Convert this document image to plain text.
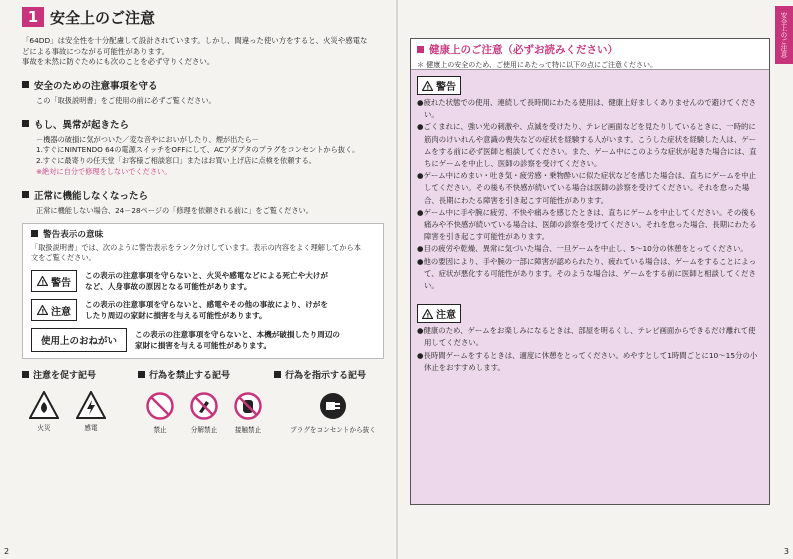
1 安全上のご注意

「64DD」は安全性を十分配慮して設計されています。しかし、間違った使い方をすると、火災や感電な

どによる事故につながる可能性があります。

事故を未然に防ぐためにも次のことを必ず守りください。

安全のための注意事項を守る

この「取扱説明書」をご使用の前に必ずご覧ください。

もし、異常が起きたら

－機器の破損に気がついた／変な音やにおいがしたり、煙が出たら－

1.すぐにNINTENDO 64の電源スイッチをOFFにして、ACアダプタのプラグをコンセントから抜く。

2.すぐに最寄りの任天堂「お客様ご相談窓口」またはお買い上げ店に点検を依頼する。

※絶対に自分で修理をしないでください。

正常に機能しなくなったら

正常に機能しない場合、24－28ページの「修理を依頼される前に」をご覧ください。

警告表示の意味
「取扱説明書」では、次のように警告表示をランク分けしています。表示の内容をよく理解してから本
文をご覧ください。
! 警告
この表示の注意事項を守らないと、火災や感電などによる死亡や大けが
など、人身事故の原因となる可能性があります。
! 注意
この表示の注意事項を守らないと、感電やその他の事故により、けがを
したり周辺の家財に損害を与える可能性があります。
使用上のおねがい
この表示の注意事項を守らないと、本機が破損したり周辺の
家財に損害を与える可能性があります。
注意を促す記号	行為を禁止する記号	行為を指示する記号
火災	感電	禁止	分解禁止	接触禁止	プラグをコンセントから抜く
2
安全上のご注意
健康上のご注意（必ずお読みください）
＊ 健康上の安全のため、ご使用にあたって特に以下の点にご注意ください。
! 警告

●疲れた状態での使用、連続して長時間にわたる使用は、健康上好ましくありませんので避けてください。

●ごくまれに、強い光の刺激や、点滅を受けたり、テレビ画面などを見たりしているときに、一時的に筋肉のけいれんや意識の喪失などの症状を経験する人がいます。こうした症状を経験した人は、ゲームをする前に必ず医師と相談してください。また、ゲーム中にこのような症状が起きた場合には、直ちにゲームを中止し、医師の診察を受けてください。

●ゲーム中にめまい・吐き気・疲労感・乗物酔いに似た症状などを感じた場合は、直ちにゲームを中止してください。その後も不快感が続いている場合は医師の診察を受けてください。それを怠った場合、長期にわたる障害を引き起こす可能性があります。

●ゲーム中に手や腕に疲労、不快や痛みを感じたときは、直ちにゲームを中止してください。その後も痛みや不快感が続いている場合は、医師の診察を受けてください。それを怠った場合、長期にわたる障害を引き起こす可能性があります。

●目の疲労や乾燥、異常に気づいた場合、一旦ゲームを中止し、5～10分の休憩をとってください。

●他の要因により、手や腕の一部に障害が認められたり、疲れている場合は、ゲームをすることによって、症状が悪化する可能性があります。そのような場合は、ゲームをする前に医師と相談してください。

! 注意

●健康のため、ゲームをお楽しみになるときは、部屋を明るくし、テレビ画面からできるだけ離れて使用してください。

●長時間ゲームをするときは、適度に休憩をとってください。めやすとして1時間ごとに10～15分の小休止をおすすめします。

3
